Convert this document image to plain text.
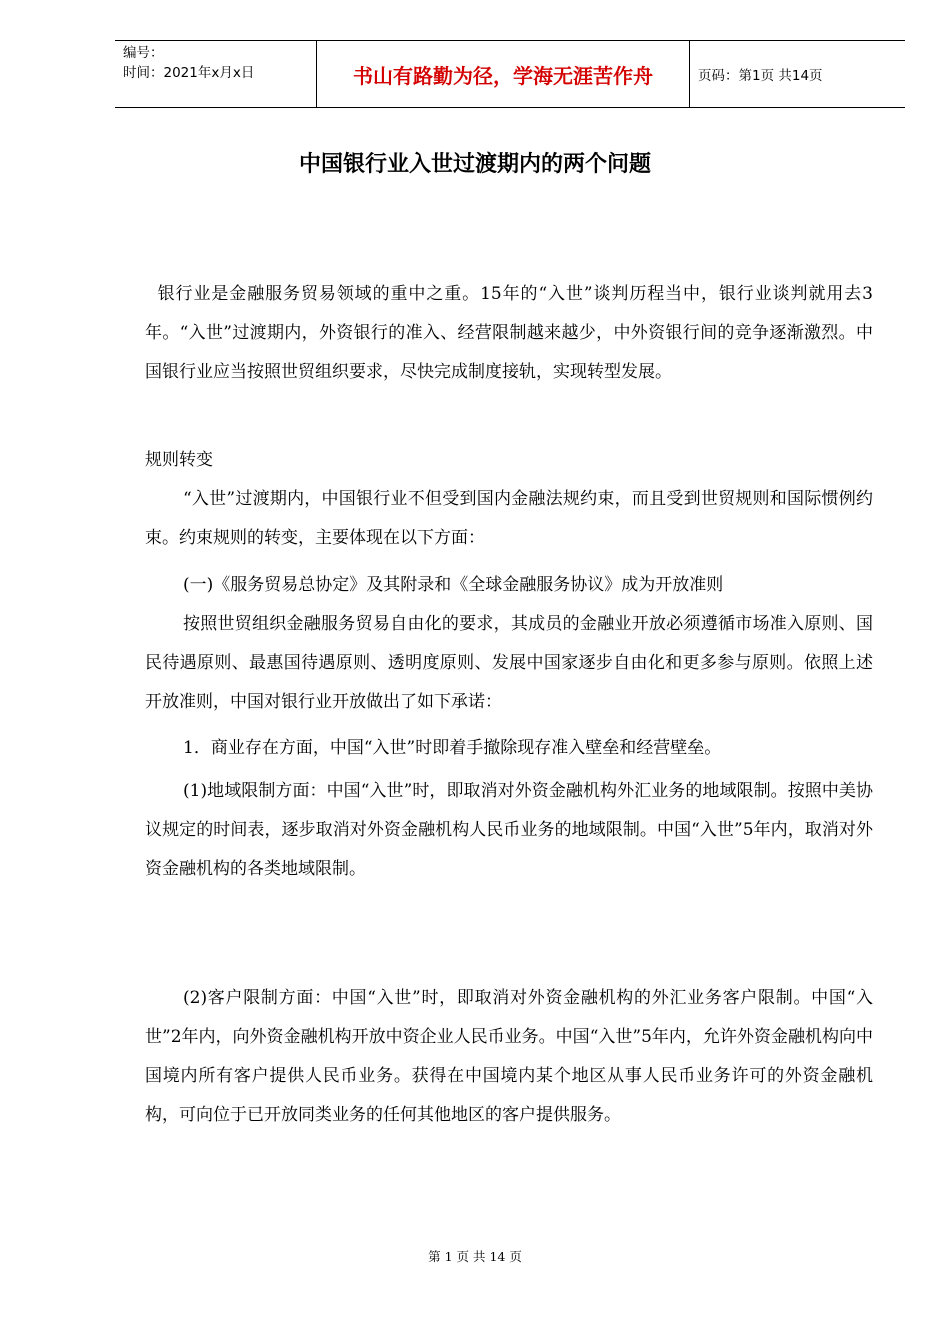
编号：
时间：2021年x月x日	书山有路勤为径，学海无涯苦作舟	页码：第1页 共14页
中国银行业入世过渡期内的两个问题

银行业是金融服务贸易领域的重中之重。15年的“入世”谈判历程当中，银行业谈判就用去3年。“入世”过渡期内，外资银行的准入、经营限制越来越少，中外资银行间的竞争逐渐激烈。中国银行业应当按照世贸组织要求，尽快完成制度接轨，实现转型发展。

规则转变

“入世”过渡期内，中国银行业不但受到国内金融法规约束，而且受到世贸规则和国际惯例约束。约束规则的转变，主要体现在以下方面：

(一)《服务贸易总协定》及其附录和《全球金融服务协议》成为开放准则

按照世贸组织金融服务贸易自由化的要求，其成员的金融业开放必须遵循市场准入原则、国民待遇原则、最惠国待遇原则、透明度原则、发展中国家逐步自由化和更多参与原则。依照上述开放准则，中国对银行业开放做出了如下承诺：

1．商业存在方面，中国“入世”时即着手撤除现存准入壁垒和经营壁垒。

(1)地域限制方面：中国“入世”时，即取消对外资金融机构外汇业务的地域限制。按照中美协议规定的时间表，逐步取消对外资金融机构人民币业务的地域限制。中国“入世”5年内，取消对外资金融机构的各类地域限制。

(2)客户限制方面：中国“入世”时，即取消对外资金融机构的外汇业务客户限制。中国“入世”2年内，向外资金融机构开放中资企业人民币业务。中国“入世”5年内，允许外资金融机构向中国境内所有客户提供人民币业务。获得在中国境内某个地区从事人民币业务许可的外资金融机构，可向位于已开放同类业务的任何其他地区的客户提供服务。

第 1 页 共 14 页
